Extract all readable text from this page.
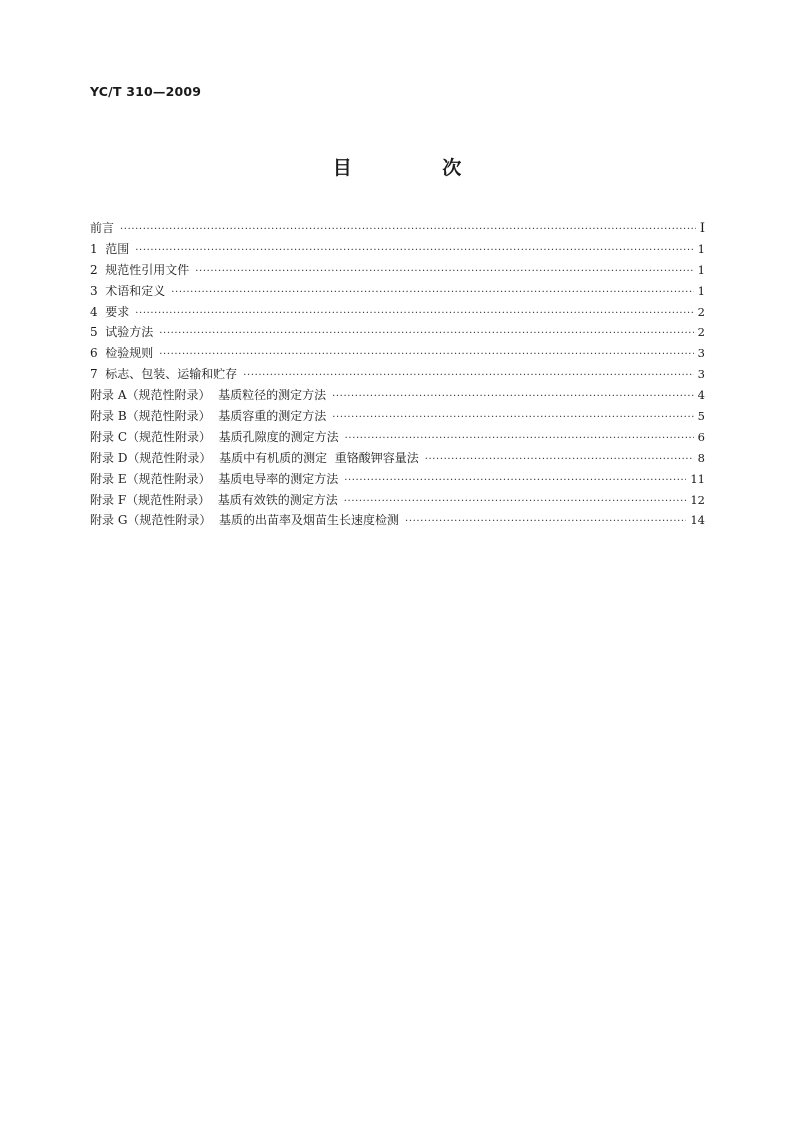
YC/T 310—2009
目 次
前言 ·····	Ⅰ
1  范围 ·····	1
2  规范性引用文件 ·····	1
3  术语和定义 ·····	1
4  要求 ·····	2
5  试验方法 ·····	2
6  检验规则 ·····	3
7  标志、包装、运输和贮存 ·····	3
附录 A（规范性附录）  基质粒径的测定方法 ·····	4
附录 B（规范性附录）  基质容重的测定方法 ·····	5
附录 C（规范性附录）  基质孔隙度的测定方法 ·····	6
附录 D（规范性附录）  基质中有机质的测定  重铬酸钾容量法 ·····	8
附录 E（规范性附录）  基质电导率的测定方法 ·····	11
附录 F（规范性附录）  基质有效铁的测定方法 ·····	12
附录 G（规范性附录）  基质的出苗率及烟苗生长速度检测 ·····	14
